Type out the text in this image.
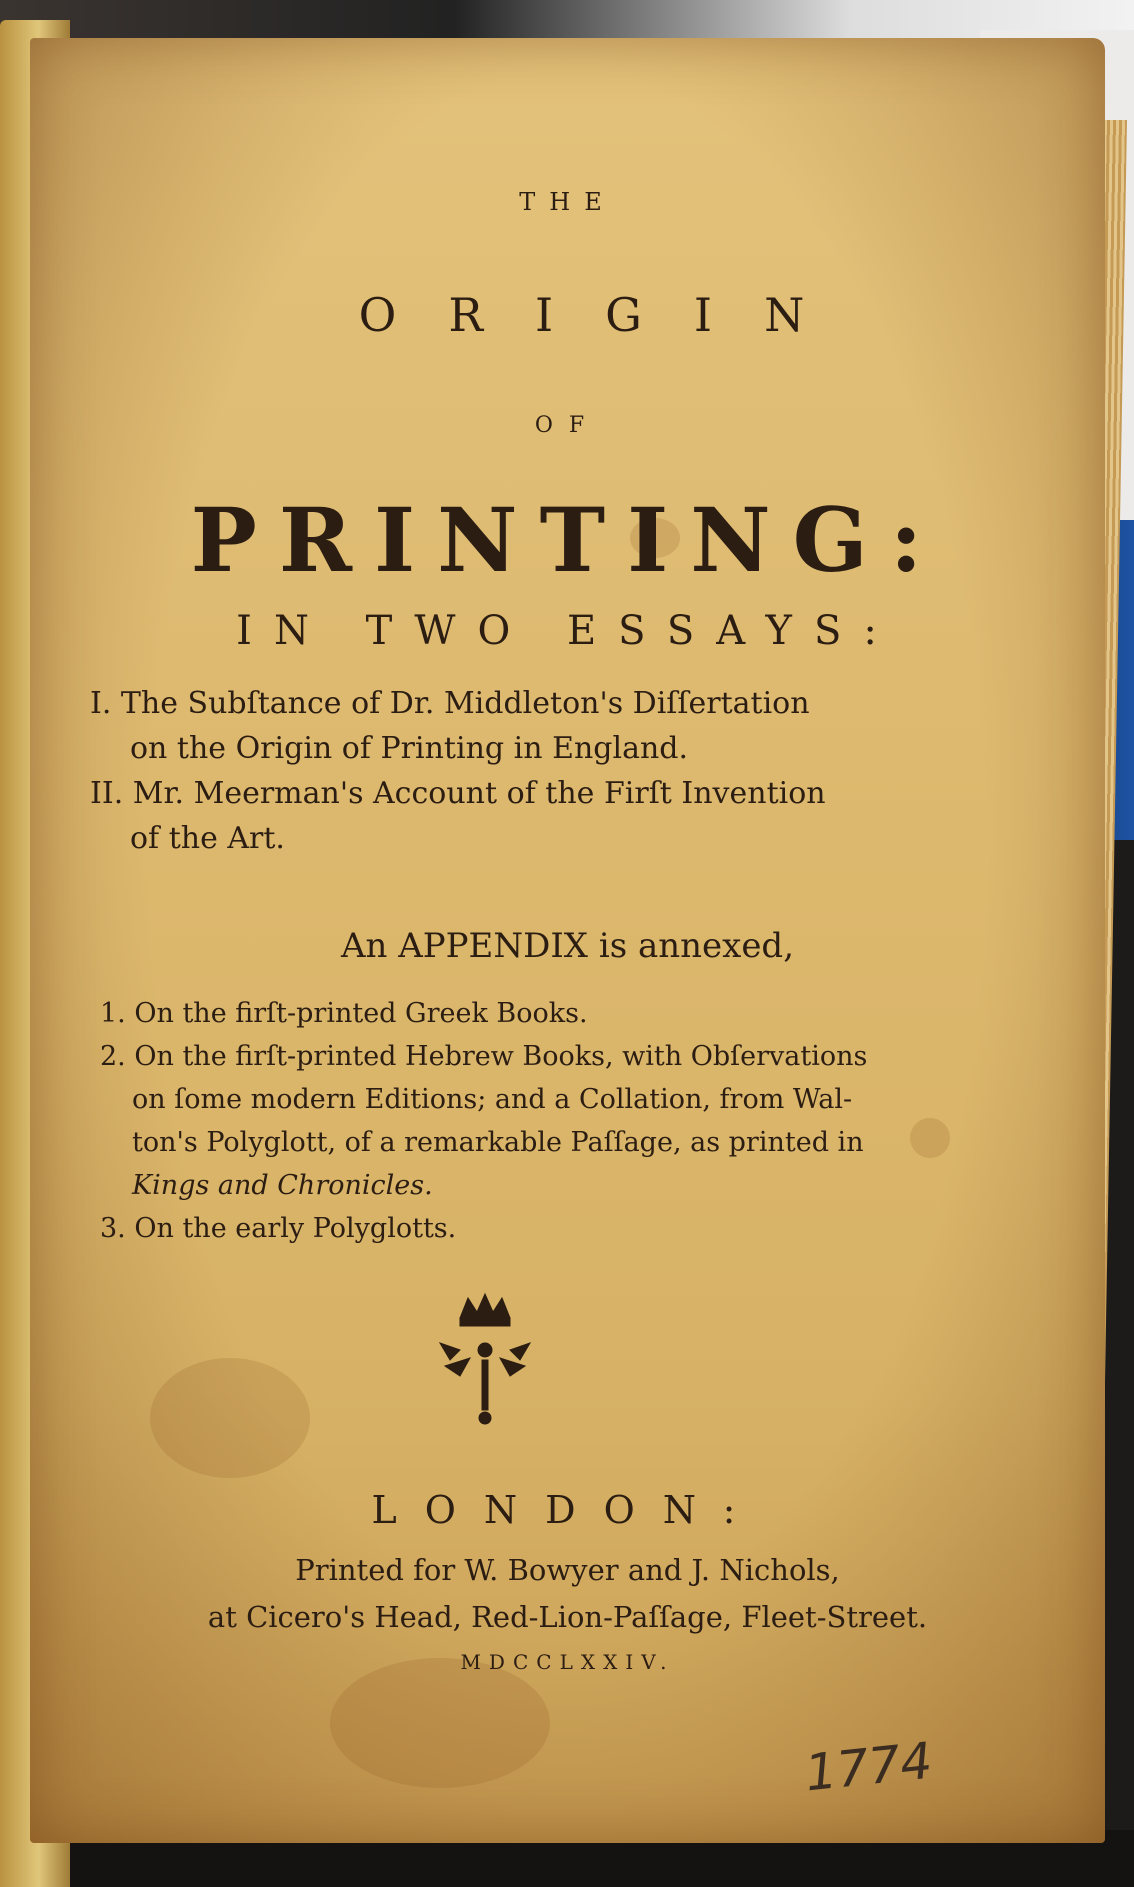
THE
ORIGIN
OF
PRINTING:
IN TWO ESSAYS:
I. The Subſtance of Dr. Middleton's Diſſertation
on the Origin of Printing in England.
II. Mr. Meerman's Account of the Firſt Invention
of the Art.
An APPENDIX is annexed,
1. On the firſt-printed Greek Books.
2. On the firſt-printed Hebrew Books, with Obſervations
on ſome modern Editions; and a Collation, from Wal-
ton's Polyglott, of a remarkable Paſſage, as printed in
Kings and Chronicles.
3. On the early Polyglotts.
LONDON:
Printed for W. Bowyer and J. Nichols,
at Cicero's Head, Red-Lion-Paſſage, Fleet-Street.
MDCCLXXIV.
1774
